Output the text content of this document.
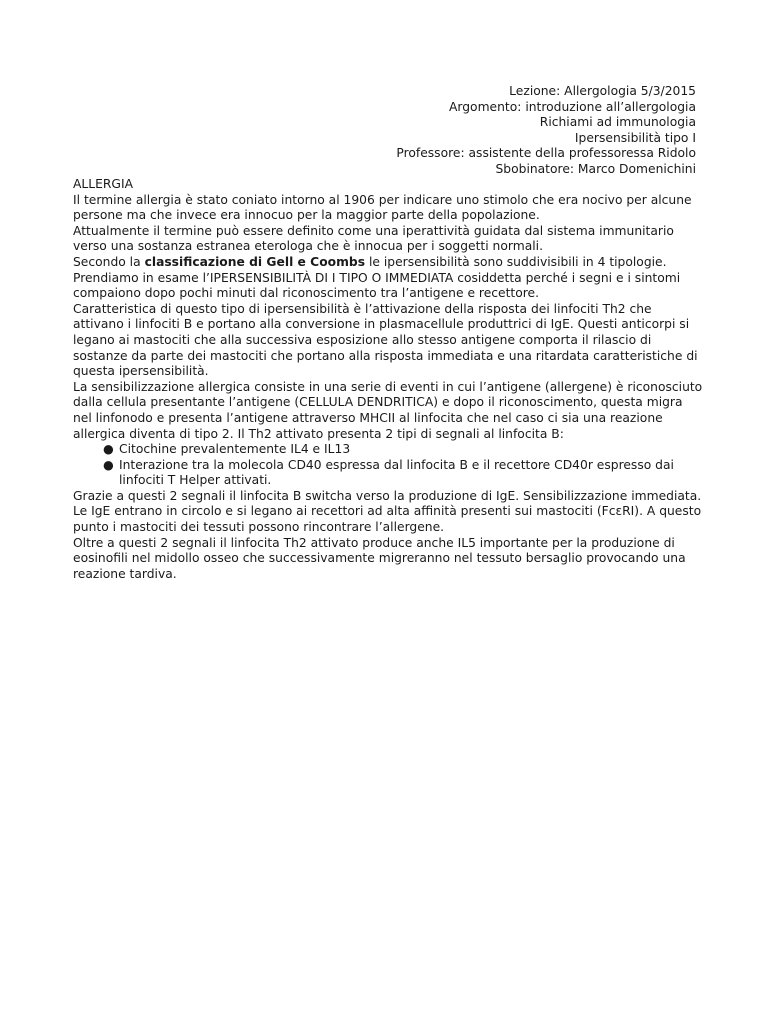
Lezione: Allergologia 5/3/2015
Argomento: introduzione all’allergologia
Richiami ad immunologia
Ipersensibilità tipo I
Professore: assistente della professoressa Ridolo
Sbobinatore: Marco Domenichini

ALLERGIA

Il termine allergia è stato coniato intorno al 1906 per indicare uno stimolo che era nocivo per alcune persone ma che invece era innocuo per la maggior parte della popolazione.

Attualmente il termine può essere definito come una iperattività guidata dal sistema immunitario verso una sostanza estranea eterologa che è innocua per i soggetti normali.

Secondo la classificazione di Gell e Coombs le ipersensibilità sono suddivisibili in 4 tipologie.

Prendiamo in esame l’IPERSENSIBILITÀ DI I TIPO O IMMEDIATA cosiddetta perché i segni e i sintomi compaiono dopo pochi minuti dal riconoscimento tra l’antigene e recettore.

Caratteristica di questo tipo di ipersensibilità è l’attivazione della risposta dei linfociti Th2 che attivano i linfociti B e portano alla conversione in plasmacellule produttrici di IgE. Questi anticorpi si legano ai mastociti che alla successiva esposizione allo stesso antigene comporta il rilascio di sostanze da parte dei mastociti che portano alla risposta immediata e una ritardata caratteristiche di questa ipersensibilità.

La sensibilizzazione allergica consiste in una serie di eventi in cui l’antigene (allergene) è riconosciuto dalla cellula presentante l’antigene (CELLULA DENDRITICA) e dopo il riconoscimento, questa migra nel linfonodo e presenta l’antigene attraverso MHCII al linfocita che nel caso ci sia una reazione allergica diventa di tipo 2. Il Th2 attivato presenta 2 tipi di segnali al linfocita B:

● Citochine prevalentemente IL4 e IL13
● Interazione tra la molecola CD40 espressa dal linfocita B e il recettore CD40r espresso dai linfociti T Helper attivati.

Grazie a questi 2 segnali il linfocita B switcha verso la produzione di IgE. Sensibilizzazione immediata. Le IgE entrano in circolo e si legano ai recettori ad alta affinità presenti sui mastociti (FcεRI). A questo punto i mastociti dei tessuti possono rincontrare l’allergene.

Oltre a questi 2 segnali il linfocita Th2 attivato produce anche IL5 importante per la produzione di eosinofili nel midollo osseo che successivamente migreranno nel tessuto bersaglio provocando una reazione tardiva.
